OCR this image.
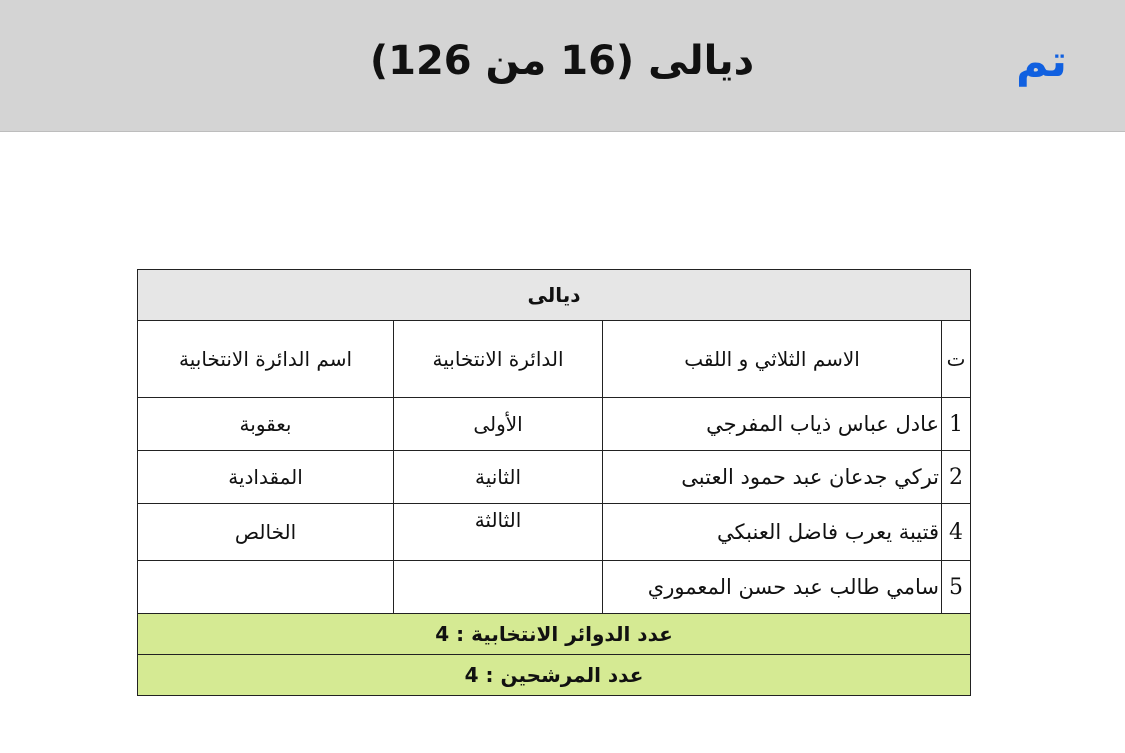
تم
ديالى (16 من 126)
ديالى			
ت	الاسم الثلاثي و اللقب	الدائرة الانتخابية	اسم الدائرة الانتخابية
1	عادل عباس ذياب المفرجي	الأولى	بعقوبة
2	تركي جدعان عبد حمود العتبى	الثانية	المقدادية
4	قتيبة يعرب فاضل العنبكي	الثالثة	الخالص
5	سامي طالب عبد حسن المعموري		
عدد الدوائر الانتخابية : 4			
عدد المرشحين : 4			
